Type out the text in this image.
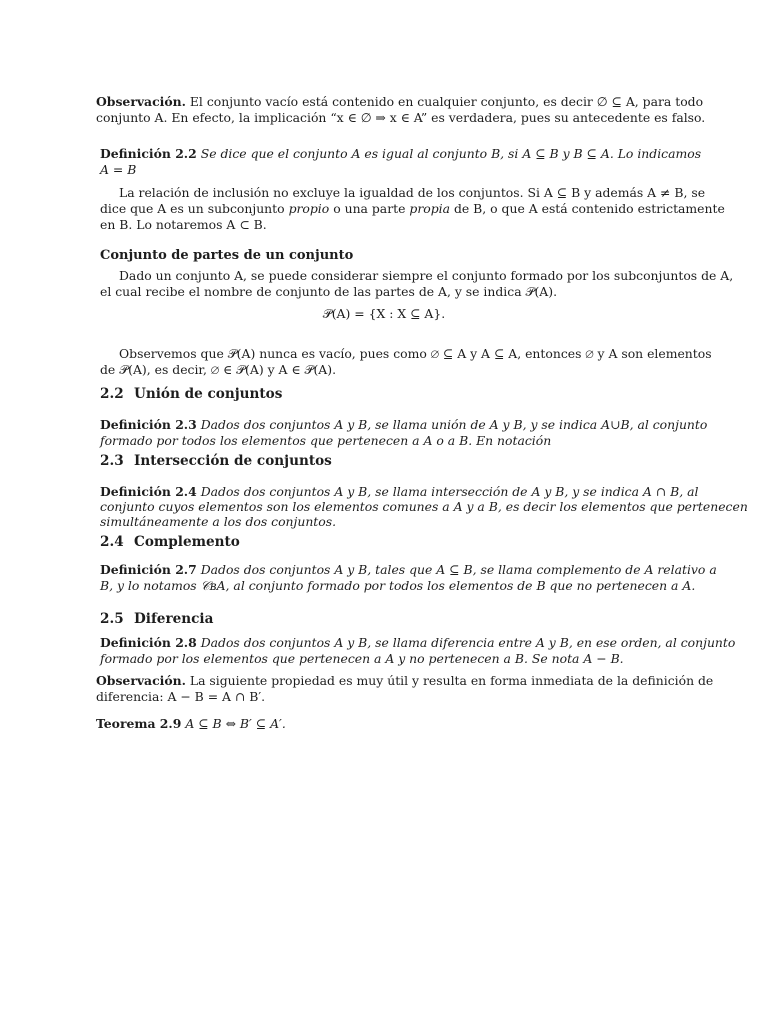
Observación. El conjunto vacío está contenido en cualquier conjunto, es decir ∅ ⊆ A, para todo
conjunto A. En efecto, la implicación “x ∈ ∅ ⇒ x ∈ A” es verdadera, pues su antecedente es falso.
Definición 2.2 Se dice que el conjunto A es igual al conjunto B, si A ⊆ B y B ⊆ A. Lo indicamos
A = B
La relación de inclusión no excluye la igualdad de los conjuntos. Si A ⊆ B y además A ≠ B, se
dice que A es un subconjunto propio o una parte propia de B, o que A está contenido estrictamente
en B. Lo notaremos A ⊂ B.
Conjunto de partes de un conjunto
Dado un conjunto A, se puede considerar siempre el conjunto formado por los subconjuntos de A,
el cual recibe el nombre de conjunto de las partes de A, y se indica 𝒫(A).
𝒫(A) = {X : X ⊆ A}.
Observemos que 𝒫(A) nunca es vacío, pues como ∅ ⊆ A y A ⊆ A, entonces ∅ y A son elementos
de 𝒫(A), es decir, ∅ ∈ 𝒫(A) y A ∈ 𝒫(A).
2.2 Unión de conjuntos
Definición 2.3 Dados dos conjuntos A y B, se llama unión de A y B, y se indica A∪B, al conjunto
formado por todos los elementos que pertenecen a A o a B. En notación
2.3 Intersección de conjuntos
Definición 2.4 Dados dos conjuntos A y B, se llama intersección de A y B, y se indica A ∩ B, al
conjunto cuyos elementos son los elementos comunes a A y a B, es decir los elementos que pertenecen
simultáneamente a los dos conjuntos.
2.4 Complemento
Definición 2.7 Dados dos conjuntos A y B, tales que A ⊆ B, se llama complemento de A relativo a
B, y lo notamos 𝒞ʙA, al conjunto formado por todos los elementos de B que no pertenecen a A.
2.5 Diferencia
Definición 2.8 Dados dos conjuntos A y B, se llama diferencia entre A y B, en ese orden, al conjunto
formado por los elementos que pertenecen a A y no pertenecen a B. Se nota A − B.
Observación. La siguiente propiedad es muy útil y resulta en forma inmediata de la definición de
diferencia: A − B = A ∩ B′.
Teorema 2.9 A ⊆ B ⇔ B′ ⊆ A′.
